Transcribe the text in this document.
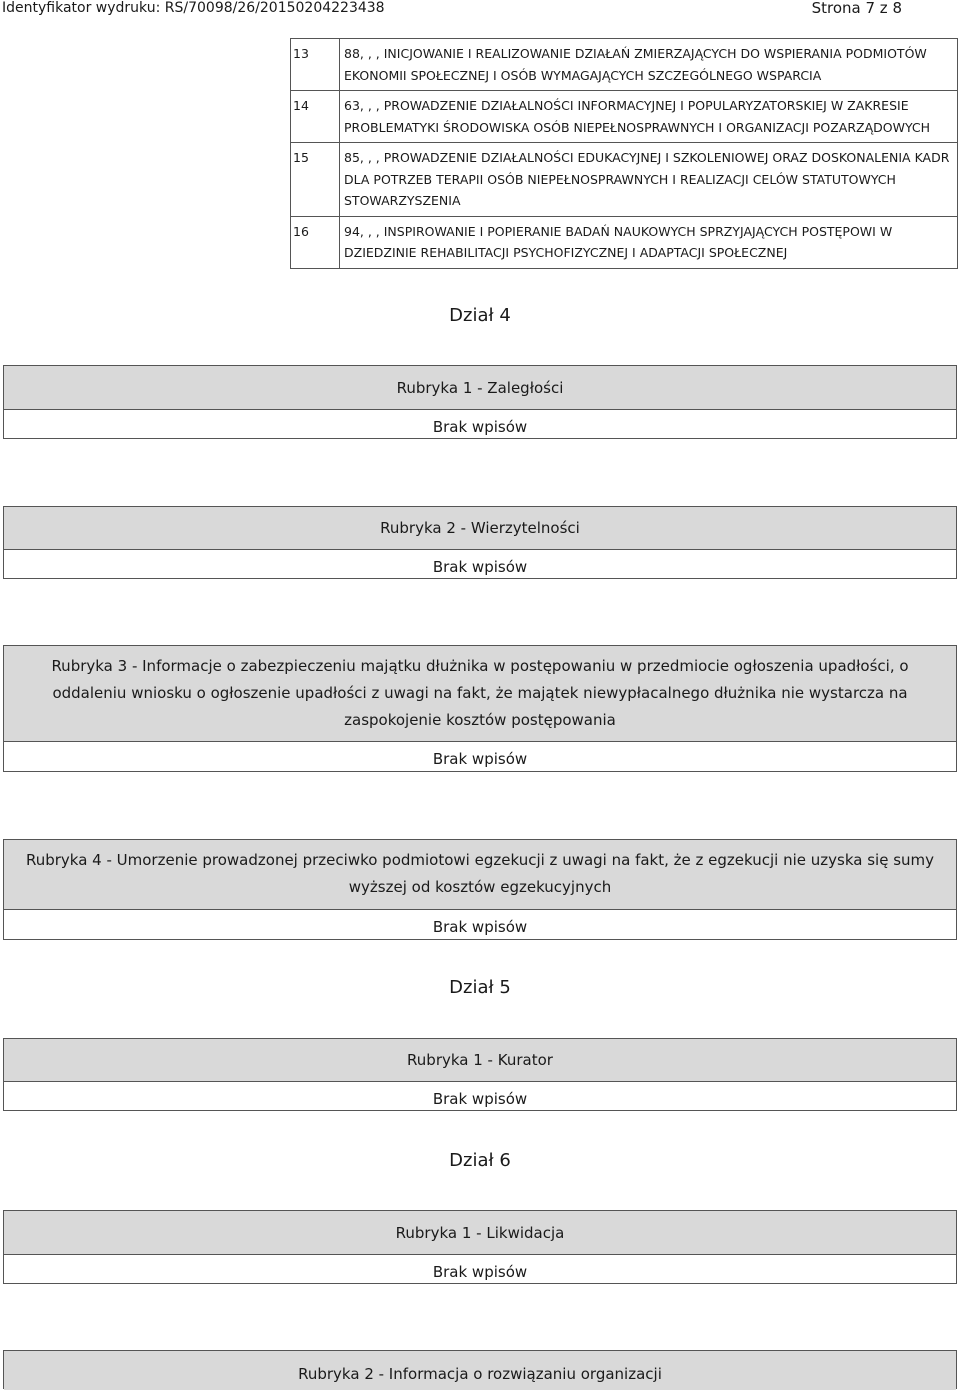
Identyfikator wydruku: RS/70098/26/20150204223438	Strona 7 z 8
13	88, , , INICJOWANIE I REALIZOWANIE DZIAŁAŃ ZMIERZAJĄCYCH DO WSPIERANIA PODMIOTÓW EKONOMII SPOŁECZNEJ I OSÓB WYMAGAJĄCYCH SZCZEGÓLNEGO WSPARCIA
14	63, , , PROWADZENIE DZIAŁALNOŚCI INFORMACYJNEJ I POPULARYZATORSKIEJ W ZAKRESIE PROBLEMATYKI ŚRODOWISKA OSÓB NIEPEŁNOSPRAWNYCH I ORGANIZACJI POZARZĄDOWYCH
15	85, , , PROWADZENIE DZIAŁALNOŚCI EDUKACYJNEJ I SZKOLENIOWEJ ORAZ DOSKONALENIA KADR DLA POTRZEB TERAPII OSÓB NIEPEŁNOSPRAWNYCH I REALIZACJI CELÓW STATUTOWYCH STOWARZYSZENIA
16	94, , , INSPIROWANIE I POPIERANIE BADAŃ NAUKOWYCH SPRZYJAJĄCYCH POSTĘPOWI W DZIEDZINIE REHABILITACJI PSYCHOFIZYCZNEJ I ADAPTACJI SPOŁECZNEJ
Dział 4
Rubryka 1 - Zaległości
Brak wpisów
Rubryka 2 - Wierzytelności
Brak wpisów
Rubryka 3 - Informacje o zabezpieczeniu majątku dłużnika w postępowaniu w przedmiocie ogłoszenia upadłości, o oddaleniu wniosku o ogłoszenie upadłości z uwagi na fakt, że majątek niewypłacalnego dłużnika nie wystarcza na zaspokojenie kosztów postępowania
Brak wpisów
Rubryka 4 - Umorzenie prowadzonej przeciwko podmiotowi egzekucji z uwagi na fakt, że z egzekucji nie uzyska się sumy wyższej od kosztów egzekucyjnych
Brak wpisów
Dział 5
Rubryka 1 - Kurator
Brak wpisów
Dział 6
Rubryka 1 - Likwidacja
Brak wpisów
Rubryka 2 - Informacja o rozwiązaniu organizacji
